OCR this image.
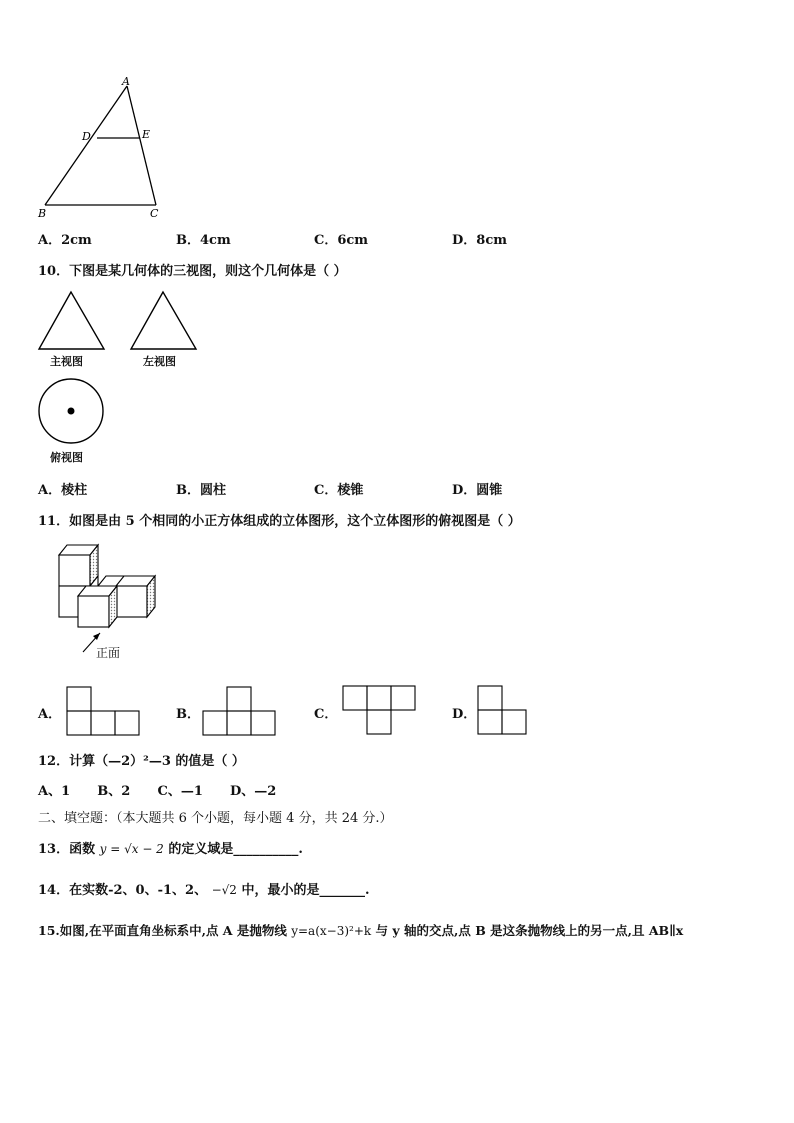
A
D	E
B	C
A．2cm	B．4cm	C．6cm	D．8cm
10．下图是某几何体的三视图，则这个几何体是（ ）
主视图	左视图
俯视图
A．棱柱	B．圆柱	C．棱锥	D．圆锥
11．如图是由 5 个相同的小正方体组成的立体图形，这个立体图形的俯视图是（ ）
正面
A．	B．	C．	D．
12．计算（—2）²—3 的值是（ ）
A、1      B、2      C、—1      D、—2
二、填空题：（本大题共 6 个小题，每小题 4 分，共 24 分.）
13．函数 y = √x − 2 的定义域是__________.
14．在实数-2、0、-1、2、 −√2 中，最小的是_______.
15.如图,在平面直角坐标系中,点 A 是抛物线 y=a(x−3)²+k 与 y 轴的交点,点 B 是这条抛物线上的另一点,且 AB∥x
